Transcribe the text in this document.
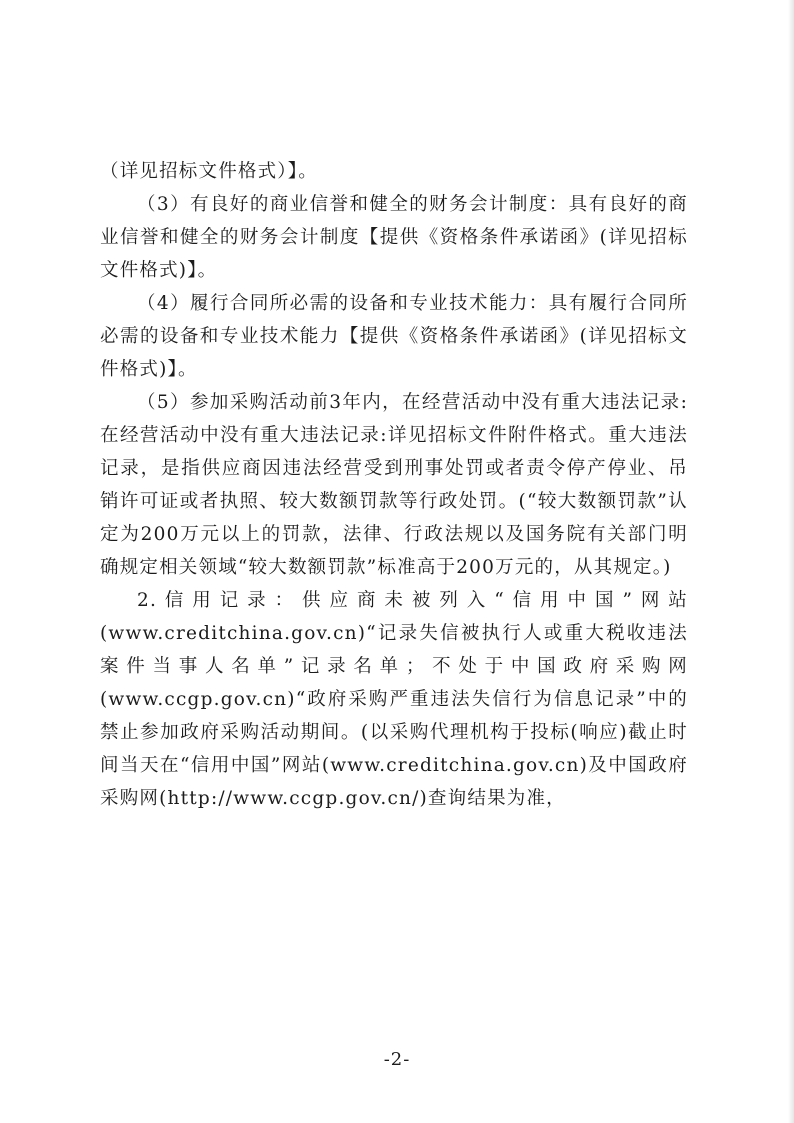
（详见招标文件格式）】。

（3）有良好的商业信誉和健全的财务会计制度：具有良好的商业信誉和健全的财务会计制度【提供《资格条件承诺函》(详见招标文件格式)】。

（4）履行合同所必需的设备和专业技术能力：具有履行合同所必需的设备和专业技术能力【提供《资格条件承诺函》(详见招标文件格式)】。

（5）参加采购活动前3年内，在经营活动中没有重大违法记录:在经营活动中没有重大违法记录:详见招标文件附件格式。重大违法记录，是指供应商因违法经营受到刑事处罚或者责令停产停业、吊销许可证或者执照、较大数额罚款等行政处罚。(“较大数额罚款”认定为200万元以上的罚款，法律、行政法规以及国务院有关部门明确规定相关领域“较大数额罚款”标准高于200万元的，从其规定。)

2.信用记录：供应商未被列入“信用中国”网站(www.creditchina.gov.cn)“记录失信被执行人或重大税收违法案件当事人名单”记录名单；不处于中国政府采购网(www.ccgp.gov.cn)“政府采购严重违法失信行为信息记录”中的禁止参加政府采购活动期间。(以采购代理机构于投标(响应)截止时间当天在“信用中国”网站(www.creditchina.gov.cn)及中国政府采购网(http://www.ccgp.gov.cn/)查询结果为准，

-2-
